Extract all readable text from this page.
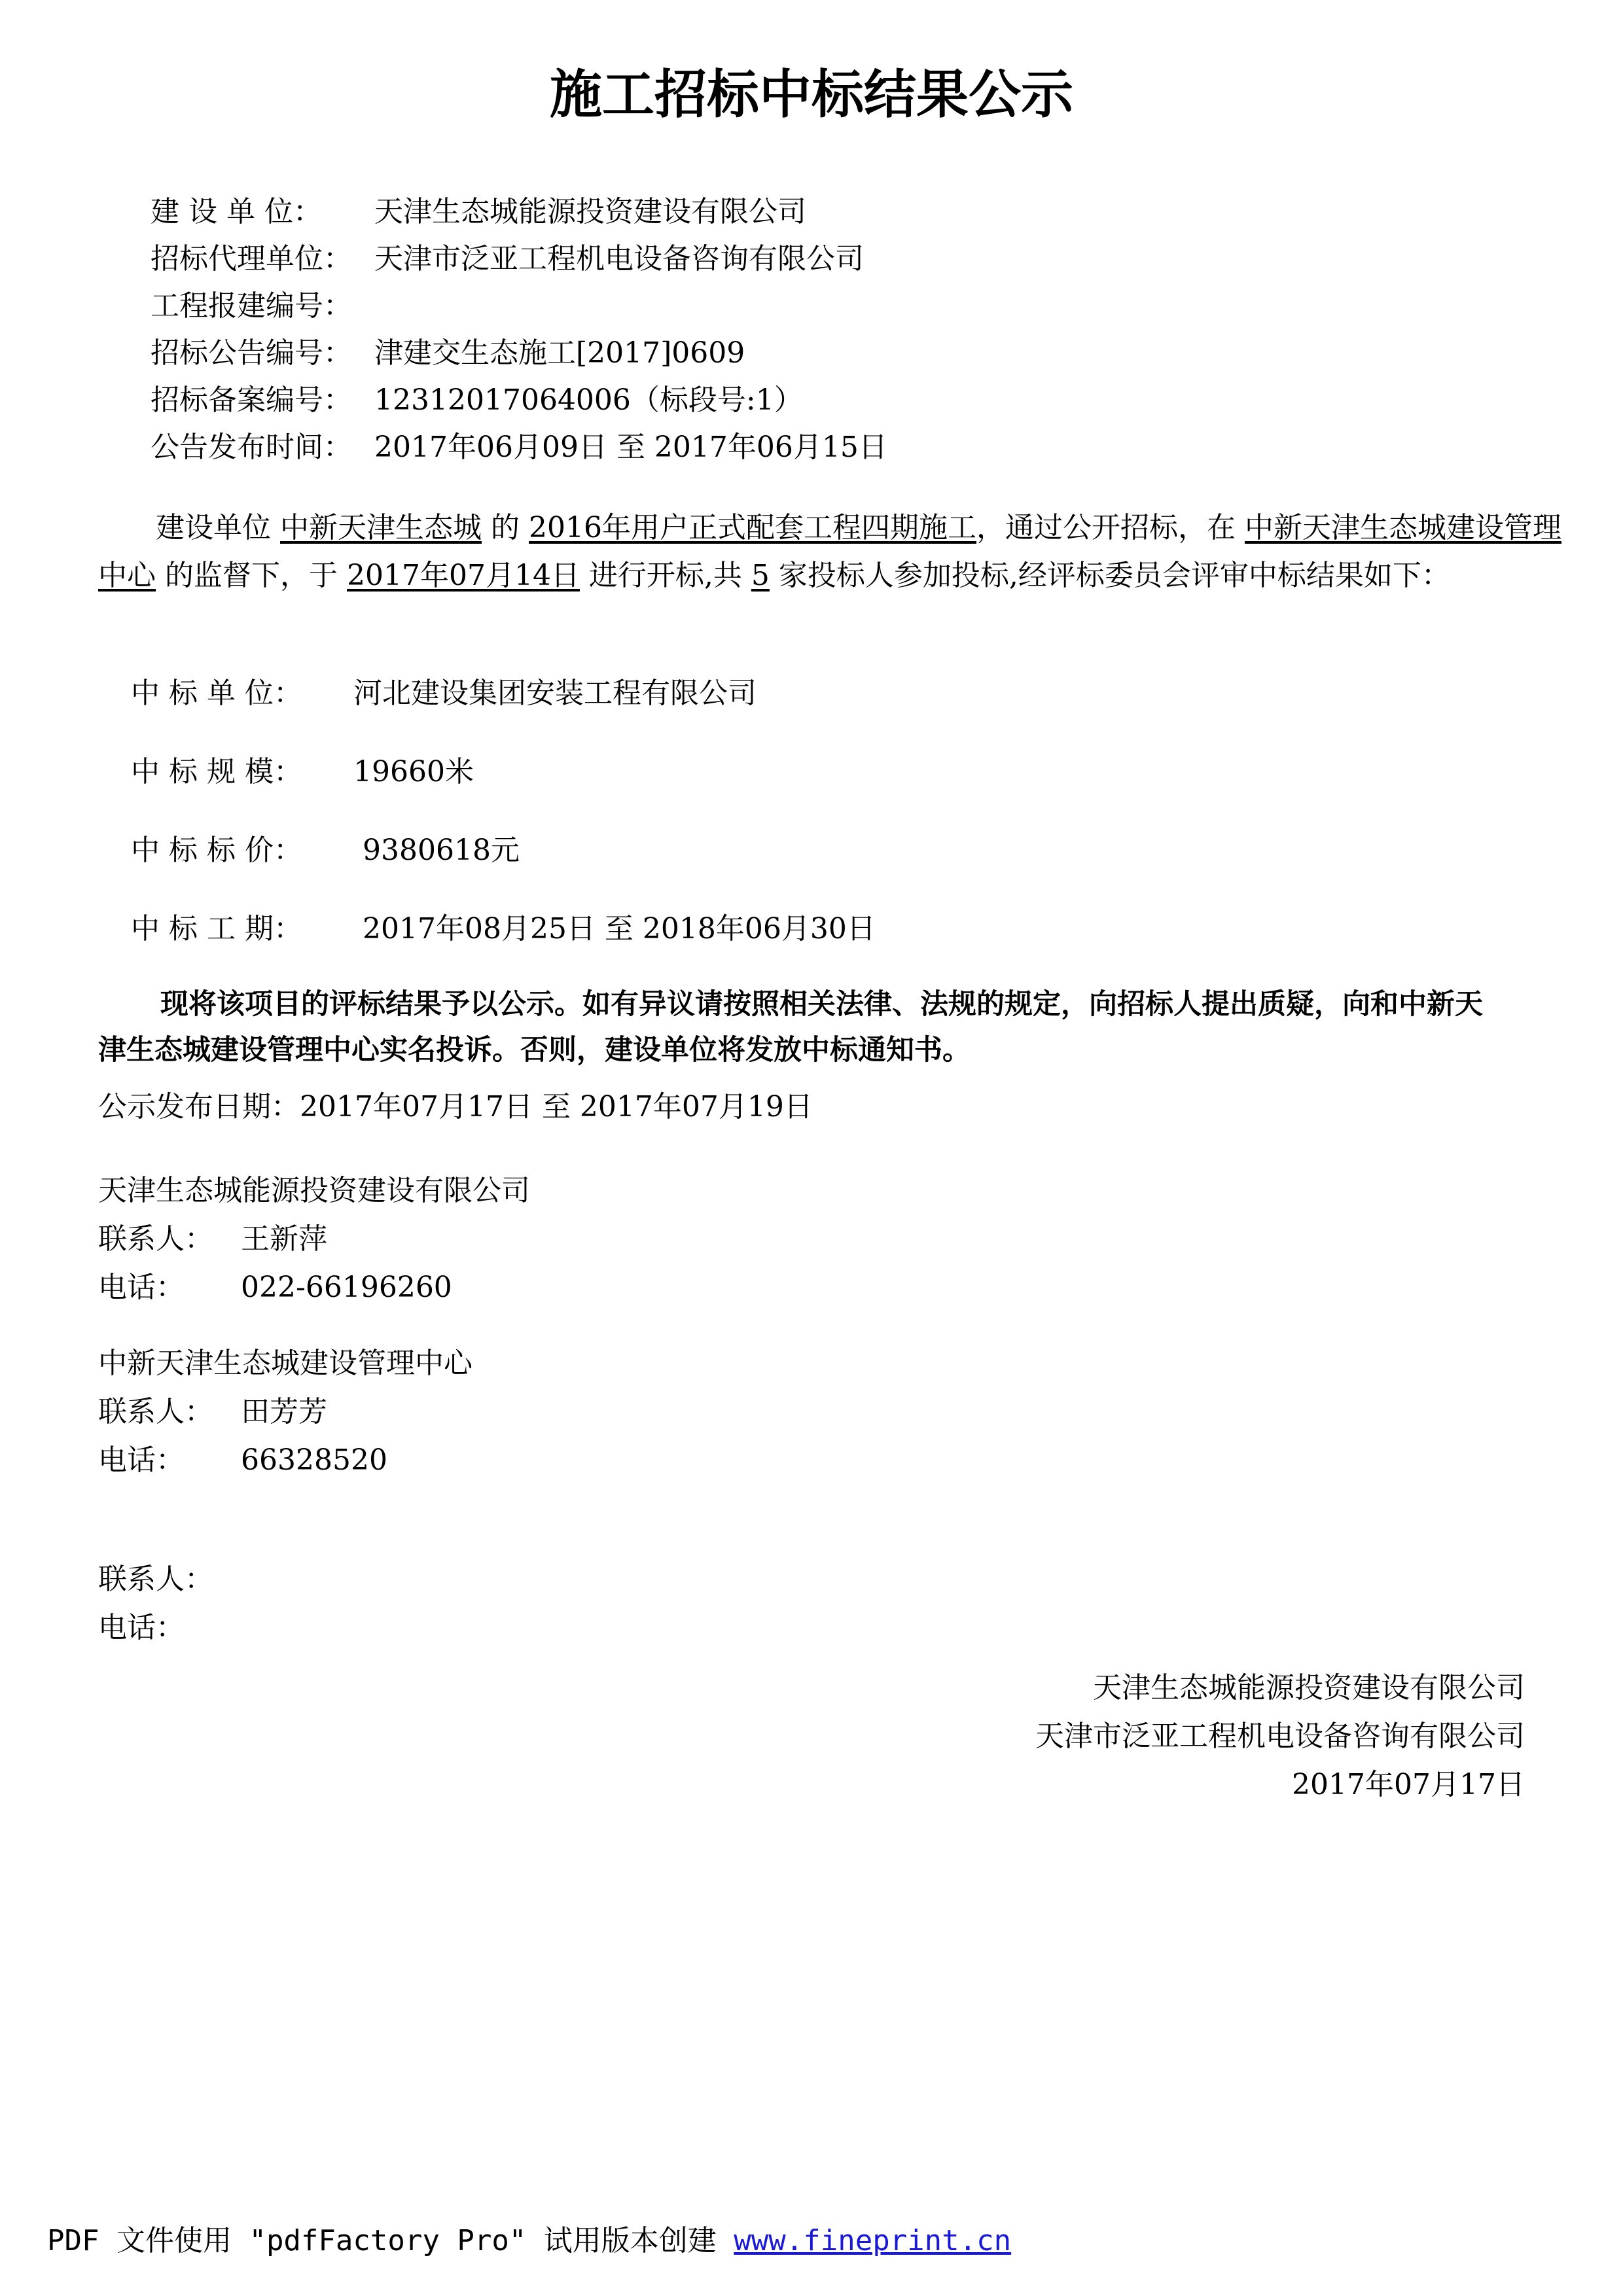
施工招标中标结果公示
建 设 单 位： 天津生态城能源投资建设有限公司
招标代理单位： 天津市泛亚工程机电设备咨询有限公司
工程报建编号：
招标公告编号： 津建交生态施工[2017]0609
招标备案编号： 12312017064006（标段号:1）
公告发布时间： 2017年06月09日 至 2017年06月15日
建设单位 中新天津生态城 的 2016年用户正式配套工程四期施工，通过公开招标，在 中新天津生态城建设管理中心 的监督下，于 2017年07月14日 进行开标,共 5 家投标人参加投标,经评标委员会评审中标结果如下：
中 标 单 位： 河北建设集团安装工程有限公司
中 标 规 模： 19660米
中 标 标 价： 9380618元
中 标 工 期： 2017年08月25日 至 2018年06月30日
现将该项目的评标结果予以公示。如有异议请按照相关法律、法规的规定，向招标人提出质疑，向和中新天津生态城建设管理中心实名投诉。否则，建设单位将发放中标通知书。
公示发布日期：2017年07月17日 至 2017年07月19日
天津生态城能源投资建设有限公司
联系人： 王新萍
电话： 022-66196260
中新天津生态城建设管理中心
联系人： 田芳芳
电话： 66328520
联系人：
电话：
天津生态城能源投资建设有限公司
天津市泛亚工程机电设备咨询有限公司
2017年07月17日
PDF 文件使用 "pdfFactory Pro" 试用版本创建 www.fineprint.cn
